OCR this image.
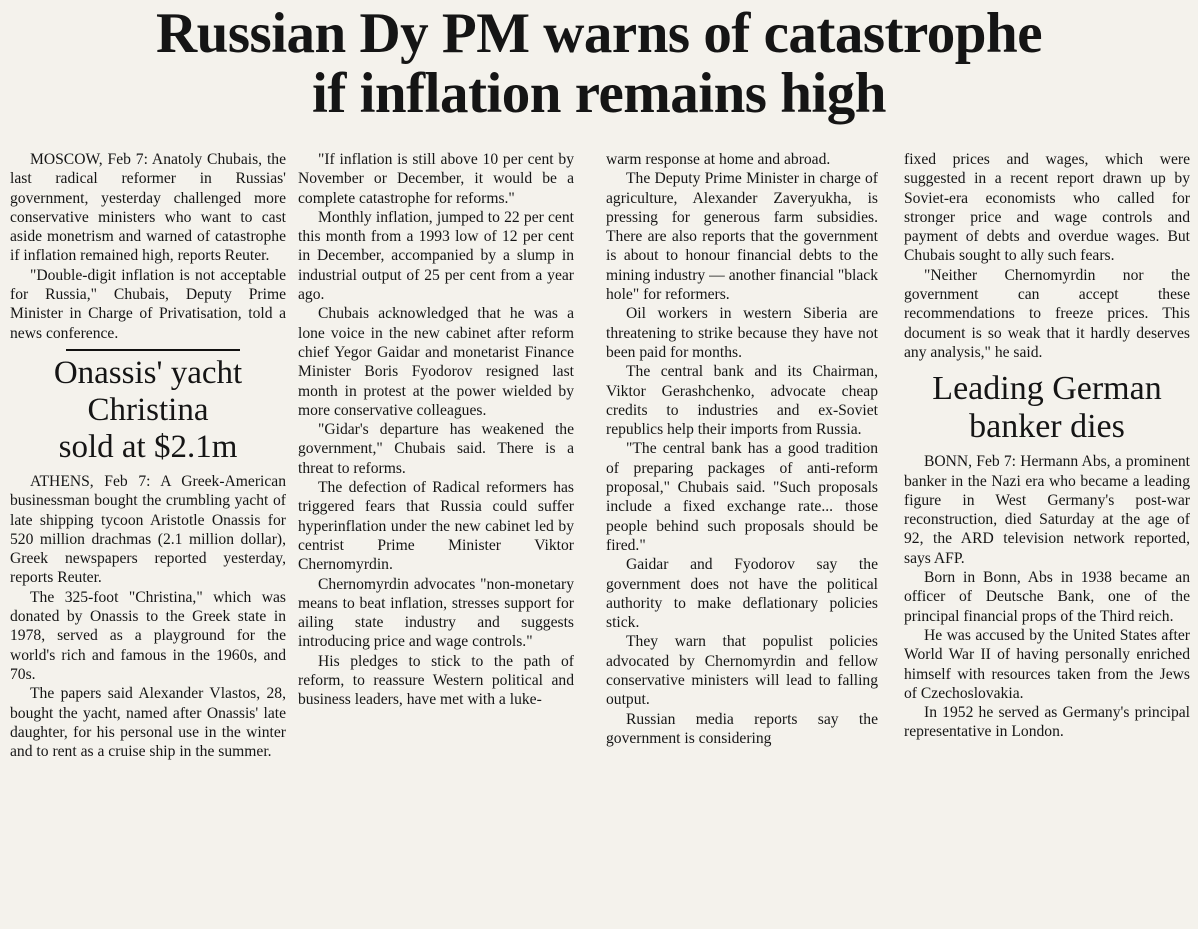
Russian Dy PM warns of catastrophe
if inflation remains high

MOSCOW, Feb 7: Anatoly Chubais, the last radical reformer in Russias' government, yesterday challenged more conservative ministers who want to cast aside monetrism and warned of catastrophe if inflation remained high, reports Reuter.

"Double-digit inflation is not acceptable for Russia," Chubais, Deputy Prime Minister in Charge of Privatisation, told a news conference.

Onassis' yacht
Christina
sold at $2.1m

ATHENS, Feb 7: A Greek-American businessman bought the crumbling yacht of late shipping tycoon Aristotle Onassis for 520 million drachmas (2.1 million dollar), Greek newspapers reported yesterday, reports Reuter.

The 325-foot "Christina," which was donated by Onassis to the Greek state in 1978, served as a playground for the world's rich and famous in the 1960s, and 70s.

The papers said Alexander Vlastos, 28, bought the yacht, named after Onassis' late daughter, for his personal use in the winter and to rent as a cruise ship in the summer.

"If inflation is still above 10 per cent by November or December, it would be a complete catastrophe for reforms."

Monthly inflation, jumped to 22 per cent this month from a 1993 low of 12 per cent in December, accompanied by a slump in industrial output of 25 per cent from a year ago.

Chubais acknowledged that he was a lone voice in the new cabinet after reform chief Yegor Gaidar and monetarist Finance Minister Boris Fyodorov resigned last month in protest at the power wielded by more conservative colleagues.

"Gidar's departure has weakened the government," Chubais said. There is a threat to reforms.

The defection of Radical reformers has triggered fears that Russia could suffer hyperinflation under the new cabinet led by centrist Prime Minister Viktor Chernomyrdin.

Chernomyrdin advocates "non-monetary means to beat inflation, stresses support for ailing state industry and suggests introducing price and wage controls."

His pledges to stick to the path of reform, to reassure Western political and business leaders, have met with a luke-

warm response at home and abroad.

The Deputy Prime Minister in charge of agriculture, Alexander Zaveryukha, is pressing for generous farm subsidies. There are also reports that the government is about to honour financial debts to the mining industry — another financial "black hole" for reformers.

Oil workers in western Siberia are threatening to strike because they have not been paid for months.

The central bank and its Chairman, Viktor Gerashchenko, advocate cheap credits to industries and ex-Soviet republics help their imports from Russia.

"The central bank has a good tradition of preparing packages of anti-reform proposal," Chubais said. "Such proposals include a fixed exchange rate... those people behind such proposals should be fired."

Gaidar and Fyodorov say the government does not have the political authority to make deflationary policies stick.

They warn that populist policies advocated by Chernomyrdin and fellow conservative ministers will lead to falling output.

Russian media reports say the government is considering

fixed prices and wages, which were suggested in a recent report drawn up by Soviet-era economists who called for stronger price and wage controls and payment of debts and overdue wages. But Chubais sought to ally such fears.

"Neither Chernomyrdin nor the government can accept these recommendations to freeze prices. This document is so weak that it hardly deserves any analysis," he said.

Leading German
banker dies

BONN, Feb 7: Hermann Abs, a prominent banker in the Nazi era who became a leading figure in West Germany's post-war reconstruction, died Saturday at the age of 92, the ARD television network reported, says AFP.

Born in Bonn, Abs in 1938 became an officer of Deutsche Bank, one of the principal financial props of the Third reich.

He was accused by the United States after World War II of having personally enriched himself with resources taken from the Jews of Czechoslovakia.

In 1952 he served as Germany's principal representative in London.
